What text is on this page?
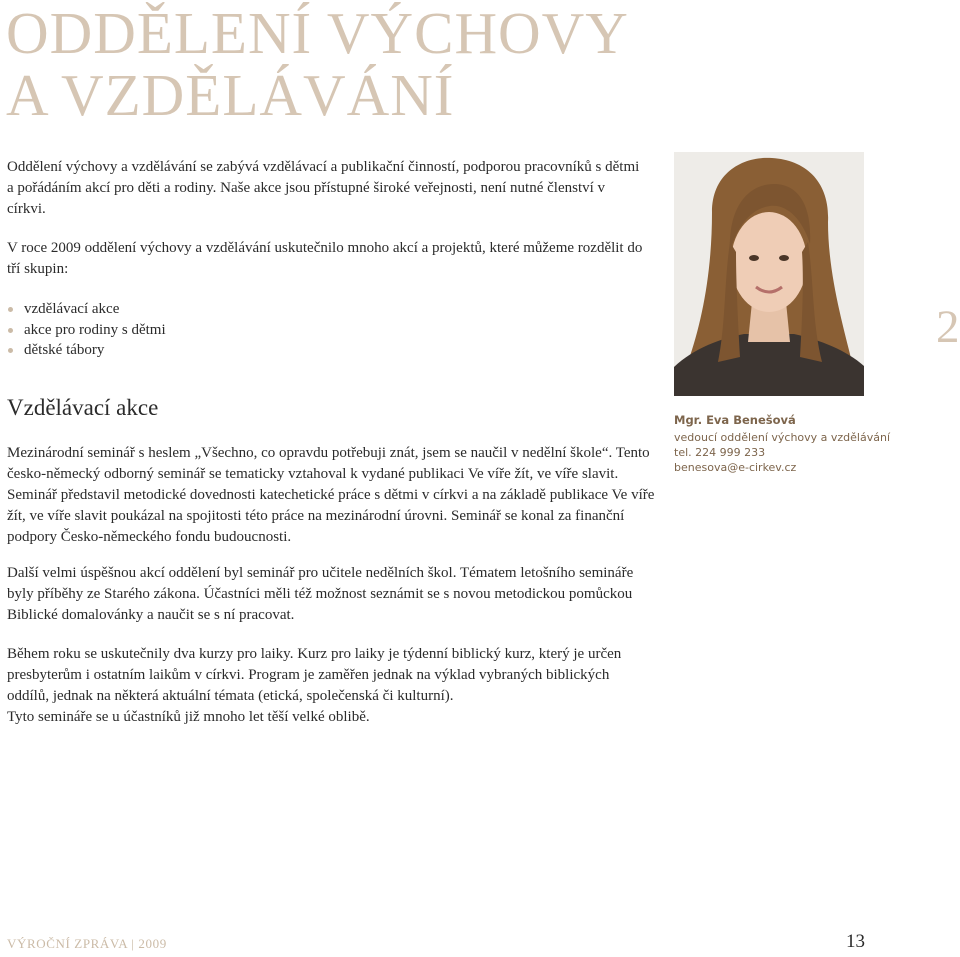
ODDĚLENÍ VÝCHOVY
A VZDĚLÁVÁNÍ

Oddělení výchovy a vzdělávání se zabývá vzdělávací a publikační činností, podporou pracovníků s dětmi a pořádáním akcí pro děti a rodiny. Naše akce jsou přístupné široké veřejnosti, není nutné členství v církvi.

V roce 2009 oddělení výchovy a vzdělávání uskutečnilo mnoho akcí a projektů, které můžeme rozdělit do tří skupin:

vzdělávací akce
akce pro rodiny s dětmi
dětské tábory
Vzdělávací akce

Mezinárodní seminář s heslem „Všechno, co opravdu potřebuji znát, jsem se naučil v nedělní škole“. Tento česko-německý odborný seminář se tematicky vztahoval k vydané publikaci Ve víře žít, ve víře slavit. Seminář představil metodické dovednosti katechetické práce s dětmi v církvi a na základě publikace Ve víře žít, ve víře slavit poukázal na spojitosti této práce na mezinárodní úrovni. Seminář se konal za finanční podpory Česko-německého fondu budoucnosti.

Další velmi úspěšnou akcí oddělení byl seminář pro učitele nedělních škol. Tématem letošního semináře byly příběhy ze Starého zákona. Účastníci měli též možnost seznámit se s novou metodickou pomůckou Biblické domalovánky a naučit se s ní pracovat.

Během roku se uskutečnily dva kurzy pro laiky. Kurz pro laiky je týdenní biblický kurz, který je určen presbyterům i ostatním laikům v církvi. Program je zaměřen jednak na výklad vybraných biblických oddílů, jednak na některá aktuální témata (etická, společenská či kulturní).
Tyto semináře se u účastníků již mnoho let těší velké oblibě.

Mgr. Eva Benešová
vedoucí oddělení výchovy a vzdělávání
tel. 224 999 233
benesova@e-cirkev.cz
2
VÝROČNÍ ZPRÁVA | 2009	13
